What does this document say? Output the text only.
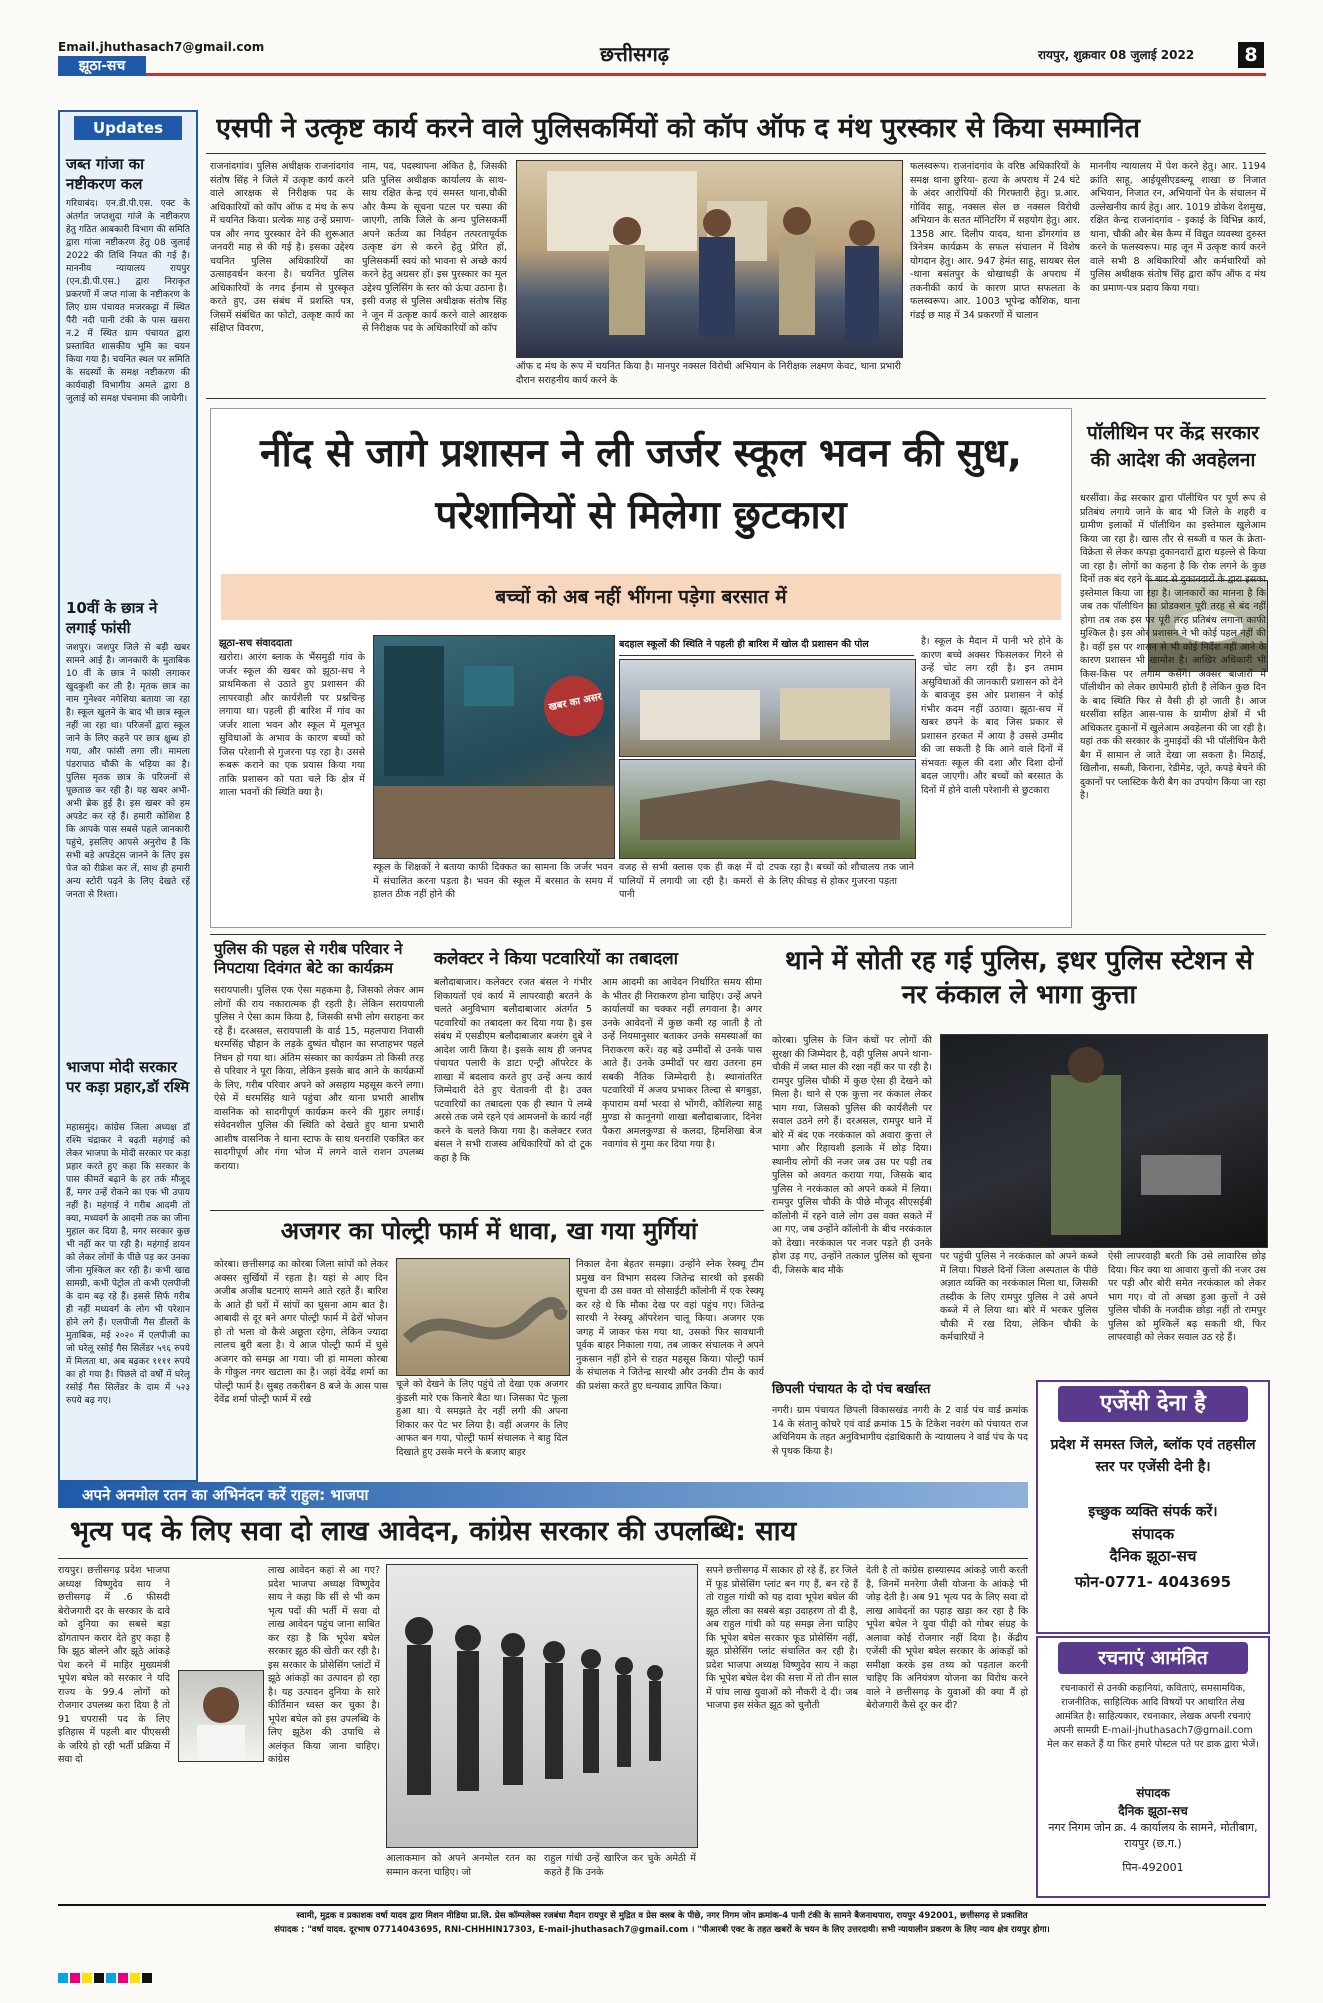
Email.jhuthasach7@gmail.com
झूठा-सच	छत्तीसगढ़	रायपुर, शुक्रवार 08 जुलाई 2022	8
Updates
जब्त गांजा का नष्टीकरण कल
गरियाबंद। एन.डी.पी.एस. एक्ट के अंतर्गत जप्तशुदा गांजे के नष्टीकरण हेतु गठित आबकारी विभाग की समिति द्वारा गांजा नष्टीकरण हेतु 08 जुलाई 2022 की तिथि नियत की गई है। माननीय न्यायालय रायपुर (एन.डी.पी.एस.) द्वारा निराकृत प्रकरणों में जप्त गांजा के नष्टीकरण के लिए ग्राम पंचायत मजरकट्टा में स्थित पैरी नदी पानी टंकी के पास खसरा न.2 में स्थित ग्राम पंचायत द्वारा प्रस्तावित शासकीय भूमि का चयन किया गया है। चयनित स्थल पर समिति के सदस्यों के समक्ष नष्टीकरण की कार्यवाही विभागीय अमले द्वारा 8 जुलाई को समक्ष पंचनामा की जायेगी।
10वीं के छात्र ने लगाई फांसी
जशपुर। जशपुर जिले से बड़ी खबर सामने आई है। जानकारी के मुताबिक 10 वीं के छात्र ने फांसी लगाकर खुदकुशी कर ली है। मृतक छात्र का नाम गुनेश्वर नगेशिया बताया जा रहा है। स्कूल खुलने के बाद भी छात्र स्कूल नहीं जा रहा था। परिजनों द्वारा स्कूल जाने के लिए कहने पर छात्र क्षुब्ध हो गया, और फांसी लगा ली। मामला पंडरापाठ चौकी के भड़िया का है। पुलिस मृतक छात्र के परिजनों से पूछताछ कर रही है। यह खबर अभी-अभी ब्रेक हुई है। इस खबर को हम अपडेट कर रहे हैं। हमारी कोशिश है कि आपके पास सबसे पहले जानकारी पहुंचे, इसलिए आपसे अनुरोध है कि सभी बड़े अपडेट्स जानने के लिए इस पेज को रीफ्रेश कर लें, साथ ही हमारी अन्य स्टोरी पढ़ने के लिए देखते रहें जनता से रिश्ता।
भाजपा मोदी सरकार पर कड़ा प्रहार,डॉ रश्मि
महासमुंद। कांग्रेस जिला अध्यक्ष डॉ रश्मि चंद्राकर ने बढ़ती महंगाई को लेकर भाजपा के मोदी सरकार पर कड़ा प्रहार करते हुए कहा कि सरकार के पास कीमतें बढ़ाने के हर तर्क मौजूद हैं, मगर उन्हें रोकने का एक भी उपाय नहीं है। महंगाई ने गरीब आदमी तो क्या, मध्यवर्ग के आदमी तक का जीना मुहाल कर दिया है, मगर सरकार कुछ भी नहीं कर पा रही है। महंगाई डायन को लेकर लोगों के पीछे पड़ कर उनका जीना मुश्किल कर रही है। कभी खाद्य सामग्री, कभी पेट्रोल तो कभी एलपीजी के दाम बढ़ रहे हैं। इससे सिर्फ गरीब ही नहीं मध्यवर्ग के लोग भी परेशान होने लगे हैं। एलपीजी गैस डीलरों के मुताबिक, मई २०२० में एलपीजी का जो घरेलू रसोई गैस सिलेंडर ५९६ रुपये में मिलता था, अब बढ़कर ११११ रुपये का हो गया है। पिछले दो वर्षों में घरेलू रसोई गैस सिलेंडर के दाम में ५२३ रुपये बढ़ गए।
एसपी ने उत्कृष्ट कार्य करने वाले पुलिसकर्मियों को कॉप ऑफ द मंथ पुरस्कार से किया सम्मानित
राजनांदगांव। पुलिस अधीक्षक राजनांदगांव संतोष सिंह ने जिले में उत्कृष्ट कार्य करने वाले आरक्षक से निरीक्षक पद के अधिकारियों को कॉप ऑफ द मंथ के रूप में चयनित किया। प्रत्येक माह उन्हें प्रमाण-पत्र और नगद पुरस्कार देने की शुरूआत जनवरी माह से की गई है। इसका उद्देश्य चयनित पुलिस अधिकारियों का उत्साहवर्धन करना है। चयनित पुलिस अधिकारियों के नगद ईनाम से पुरस्कृत करते हुए, उस संबंध में प्रशस्ति पत्र, जिसमें संबंधित का फोटो, उत्कृष्ट कार्य का संक्षिप्त विवरण,
नाम, पद, पदस्थापना अंकित है, जिसकी प्रति पुलिस अधीक्षक कार्यालय के साथ-साथ रक्षित केन्द्र एवं समस्त थाना,चौकी और कैम्प के सूचना पटल पर चस्पा की जाएगी, ताकि जिले के अन्य पुलिसकर्मी अपने कर्तव्य का निर्वहन तत्परतापूर्वक उत्कृष्ट ढंग से करने हेतु प्रेरित हों, पुलिसकर्मी स्वयं को भावना से अच्छे कार्य करने हेतु अग्रसर हों। इस पुरस्कार का मूल उद्देश्य पुलिसिंग के स्तर को ऊंचा उठाना है। इसी वजह से पुलिस अधीक्षक संतोष सिंह ने जून में उत्कृष्ट कार्य करने वाले आरक्षक से निरीक्षक पद के अधिकारियों को कॉप
ऑफ द मंथ के रूप में चयनित किया है। मानपुर नक्सल विरोधी अभियान के निरीक्षक लक्ष्मण केवट, थाना प्रभारी दौरान सराहनीय कार्य करने के
फलस्वरूप। राजनांदगांव के वरिष्ठ अधिकारियों के समक्ष थाना छुरिया- हत्या के अपराध में 24 घंटे के अंदर आरोपियों की गिरफ्तारी हेतु। प्र.आर. गोविंद साहू, नक्सल सेल छ नक्सल विरोधी अभियान के सतत मॉनिटरिंग में सहयोग हेतु। आर. 1358 आर. दिलीप यादव, थाना डोंगरगांव छ त्रिनेत्रम कार्यक्रम के सफल संचालन में विशेष योगदान हेतु। आर. 947 हेमंत साहू, सायबर सेल -थाना बसंतपुर के धोखाधड़ी के अपराध में तकनीकी कार्य के कारण प्राप्त सफलता के फलस्वरूप। आर. 1003 भूपेन्द्र कौशिक, थाना गंडई छ माह में 34 प्रकरणों में चालान
माननीय न्यायालय में पेश करने हेतु। आर. 1194 क्रांति साहू, आईयूसीएडब्ल्यू शाखा छ निजात अभियान, निजात रन, अभियानों पेन के संचालन में उल्लेखनीय कार्य हेतु। आर. 1019 डोकेश देशमुख, रक्षित केन्द्र राजनांदगांव - इकाई के विभिन्न कार्य, थाना, चौकी और बेस कैम्प में विद्युत व्यवस्था दुरुस्त करने के फलस्वरूप। माह जून में उत्कृष्ट कार्य करने वाले सभी 8 अधिकारियों और कर्मचारियों को पुलिस अधीक्षक संतोष सिंह द्वारा कॉप ऑफ द मंथ का प्रमाण-पत्र प्रदाय किया गया।
नींद से जागे प्रशासन ने ली जर्जर स्कूल भवन की सुध, परेशानियों से मिलेगा छुटकारा
बच्चों को अब नहीं भींगना पड़ेगा बरसात में
झूठा-सच संवाददाता
खरोरा। आरंग ब्लाक के भैंसमुड़ी गांव के जर्जर स्कूल की खबर को झूठा-सच ने प्राथमिकता से उठाते हुए प्रशासन की लापरवाही और कार्यशैली पर प्रश्नचिन्ह लगाया था। पहली ही बारिश में गांव का जर्जर शाला भवन और स्कूल में मूलभूत सुविधाओं के अभाव के कारण बच्चों को जिस परेशानी से गुजरना पड़ रहा है। उससे रूबरू कराने का एक प्रयास किया गया ताकि प्रशासन को पता चले कि क्षेत्र में शाला भवनों की स्थिति क्या है।
खबर का असर
बदहाल स्कूलों की स्थिति ने पहली ही बारिश में खोल दी प्रशासन की पोल
स्कूल के शिक्षकों ने बताया काफी दिक्कत का सामना कि जर्जर भवन में संचालित करना पड़ता है। भवन की स्कूल में बरसात के समय में हालत ठीक नहीं होने की
वजह से सभी क्लास एक ही कक्ष में दो पालियों में लगायी जा रही है। कमरों से पानी
टपक रहा है। बच्चों को शौचालय तक जाने के लिए कीचड़ से होकर गुजरना पड़ता
है। स्कूल के मैदान में पानी भरे होने के कारण बच्चे अक्सर फिसलकर गिरने से उन्हें चोट लग रही है। इन तमाम असुविधाओं की जानकारी प्रशासन को देने के बावजूद इस ओर प्रशासन ने कोई गंभीर कदम नहीं उठाया। झूठा-सच में खबर छपने के बाद जिस प्रकार से प्रशासन हरकत में आया है उससे उम्मीद की जा सकती है कि आने वाले दिनों में संभवतः स्कूल की दशा और दिशा दोनों बदल जाएगी। और बच्चों को बरसात के दिनों में होने वाली परेशानी से छुटकारा
पॉलीथिन पर केंद्र सरकार की आदेश की अवहेलना
धरसींवा। केंद्र सरकार द्वारा पॉलीथिन पर पूर्ण रूप से प्रतिबंध लगाये जाने के बाद भी जिले के शहरी व ग्रामीण इलाकों में पॉलीथिन का इस्तेमाल खुलेआम किया जा रहा है। खास तौर से सब्जी व फल के क्रेता-विक्रेता से लेकर कपड़ा दुकानदारों द्वारा धड़ल्ले से किया जा रहा है। लोगों का कहना है कि रोक लगने के कुछ दिनों तक बंद रहने के बाद से दुकानदारों के द्वारा इसका इस्तेमाल किया जा रहा है। जानकारों का मानना है कि जब तक पॉलीथिन का प्रोडक्शन पूरी तरह से बंद नहीं होगा तब तक इस पर पूरी तरह प्रतिबंध लगाना काफी मुश्किल है। इस ओर प्रशासन ने भी कोई पहल नहीं की है। वहीं इस पर शासन से भी कोई निर्देश नहीं आने के कारण प्रशासन भी खामोश है। आखिर अधिकारी भी किस-किस पर लगाम कसेंगे। अक्सर बाजारों में पॉलीथीन को लेकर छापेमारी होती है लेकिन कुछ दिन के बाद स्थिति फिर से वैसी ही हो जाती है। आज धरसींवा सहित आस-पास के ग्रामीण क्षेत्रों में भी अधिकतर दुकानों में खुलेआम अवहेलना की जा रही है। यहां तक की सरकार के नुमाइंदों की भी पॉलीथिन कैरी बैग में सामान ले जाते देखा जा सकता है। मिठाई, खिलौना, सब्जी, किराना, रेडीमेड, जूते, कपड़े बेचने की दुकानों पर प्लास्टिक कैरी बैग का उपयोग किया जा रहा है।
पुलिस की पहल से गरीब परिवार ने निपटाया दिवंगत बेटे का कार्यक्रम
सरायपाली। पुलिस एक ऐसा महकमा है, जिसको लेकर आम लोगों की राय नकारात्मक ही रहती है। लेकिन सरायपाली पुलिस ने ऐसा काम किया है, जिसकी सभी लोग सराहना कर रहे हैं। दरअसल, सरायपाली के वार्ड 15, महलपारा निवासी धरमसिंह चौहान के लड़के दुष्यंत चौहान का सप्ताहभर पहले निधन हो गया था। अंतिम संस्कार का कार्यक्रम तो किसी तरह से परिवार ने पूरा किया, लेकिन इसके बाद आने के कार्यक्रमों के लिए, गरीब परिवार अपने को असहाय महसूस करने लगा। ऐसे में धरमसिंह थाने पहुंचा और थाना प्रभारी आशीष वासनिक को सादगीपूर्ण कार्यक्रम करने की गुहार लगाई। संवेदनशील पुलिस की स्थिति को देखते हुए थाना प्रभारी आशीष वासनिक ने थाना स्टाफ के साथ धनराशि एकत्रित कर सादगीपूर्ण और गंगा भोज में लगने वाले राशन उपलब्ध कराया।
कलेक्टर ने किया पटवारियों का तबादला
बलौदाबाजार। कलेक्टर रजत बंसल ने गंभीर शिकायतों एवं कार्य में लापरवाही बरतने के चलते अनुविभाग बलौदाबाजार अंतर्गत 5 पटवारियों का तबादला कर दिया गया है। इस संबंध में एसडीएम बलौदाबाजार बजरंग दुबे ने आदेश जारी किया है। इसके साथ ही जनपद पंचायत पलारी के डाटा एन्ट्री ऑपरेटर के शाखा में बदलाव करते हुए उन्हें अन्य कार्य जिम्मेदारी देते हुए चेतावनी दी है। उक्त पटवारियों का तबादला एक ही स्थान पे लम्बे अरसे तक जमे रहने एवं आमजनों के कार्य नहीं करने के चलते किया गया है। कलेक्टर रजत बंसल ने सभी राजस्व अधिकारियों को दो टूक कहा है कि
आम आदमी का आवेदन निर्धारित समय सीमा के भीतर ही निराकरण होना चाहिए। उन्हें अपने कार्यालयों का चक्कर नहीं लगवाना है। अगर उनके आवेदनों में कुछ कमी रह जाती है तो उन्हें नियमानुसार बताकर उनके समस्याओं का निराकरण करें। वह बड़े उम्मीदों से उनके पास आते हैं। उनके उम्मीदों पर खरा उतरना हम सबकी नैतिक जिम्मेदारी है। स्थानांतरित पटवारियों में अजय प्रभाकर तिल्दा से बगबुड़ा, कृपाराम वर्मा भरदा से भोंगरी, कौशिल्या साहू मुण्डा से कानूनगो शाखा बलौदाबाजार, दिनेश पैकरा अमलकुण्डा से कलदा, हिमशिखा बेज नवागांव से गुमा कर दिया गया है।
थाने में सोती रह गई पुलिस, इधर पुलिस स्टेशन से नर कंकाल ले भागा कुत्ता
कोरबा। पुलिस के जिन कंधों पर लोगों की सुरक्षा की जिम्मेदार है, वही पुलिस अपने थाना-चौकी में जब्त माल की रक्षा नहीं कर पा रही है। रामपुर पुलिस चौकी में कुछ ऐसा ही देखने को मिला है। थाने से एक कुत्ता नर कंकाल लेकर भाग गया, जिसको पुलिस की कार्यशैली पर सवाल उठने लगे हैं। दरअसल, रामपुर थाने में बोरे में बंद एक नरकंकाल को अवारा कुत्ता ले भागा और रिहायशी इलाके में छोड़ दिया। स्थानीय लोगों की नजर जब उस पर पड़ी तब पुलिस को अवगत कराया गया, जिसके बाद पुलिस ने नरकंकाल को अपने कब्जे में लिया। रामपुर पुलिस चौकी के पीछे मौजूद सीएसईबी कॉलोनी में रहने वाले लोग उस वक्त सकते में आ गए, जब उन्होंने कॉलोनी के बीच नरकंकाल को देखा। नरकंकाल पर नजर पड़ते ही उनके होश उड़ गए, उन्होंने तत्काल पुलिस को सूचना दी, जिसके बाद मौके
पर पहुंची पुलिस ने नरकंकाल को अपने कब्जे में लिया। पिछले दिनों जिला अस्पताल के पीछे अज्ञात व्यक्ति का नरकंकाल मिला था, जिसकी तस्दीक के लिए रामपुर पुलिस ने उसे अपने कब्जे में ले लिया था। बोरे में भरकर पुलिस चौकी में रख दिया, लेकिन चौकी के कर्मचारियों ने
ऐसी लापरवाही बरती कि उसे लावारिस छोड़ दिया। फिर क्या था आवारा कुत्तों की नजर उस पर पड़ी और बोरी समेत नरकंकाल को लेकर भाग गए। वो तो अच्छा हुआ कुत्तों ने उसे पुलिस चौकी के नजदीक छोड़ा नहीं तो रामपुर पुलिस को मुश्किलें बढ़ सकती थी, फिर लापरवाही को लेकर सवाल उठ रहे हैं।
अजगर का पोल्ट्री फार्म में धावा, खा गया मुर्गियां
कोरबा। छत्तीसगढ़ का कोरबा जिला सांपों को लेकर अक्सर सुर्खियों में रहता है। यहां से आए दिन अजीब अजीब घटनाएं सामने आते रहते हैं। बारिश के आते ही घरों में सांपों का घुसना आम बात है। आबादी से दूर बने अगर पोल्ट्री फार्म में ढेरों भोजन हो तो भला वो कैसे अछूता रहेगा, लेकिन ज्यादा लालच बुरी बला है। ये आज पोल्ट्री फार्म में घुसे अजगर को समझ आ गया। जी हां मामला कोरबा के गोकुल नगर खटाला का है। जहां देवेंद्र शर्मा का पोल्ट्री फार्म है। सुबह तकरीबन 8 बजे के आस पास देवेंद्र शर्मा पोल्ट्री फार्म में रखे
चूजे को देखने के लिए पहुंचे तो देखा एक अजगर कुंडली मारे एक किनारे बैठा था। जिसका पेट फूला हुआ था। ये समझते देर नहीं लगी की अपना शिकार कर पेट भर लिया है। वहीं अजगर के लिए आफत बन गया, पोल्ट्री फार्म संचालक ने बाहु दिल दिखाते हुए उसके मरने के बजाए बाहर
निकाल देना बेहतर समझा। उन्होंने स्नेक रेस्क्यू टीम प्रमुख वन विभाग सदस्य जितेन्द्र सारथी को इसकी सूचना दी उस वक्त वो सोसाईटी कॉलोनी में एक रेस्क्यू कर रहे थे कि मौका देख पर वहां पहुंच गए। जितेन्द्र सारथी ने रेस्क्यू ऑपरेशन चालू किया। अजगर एक जगह में जाकर फंस गया था, उसको फिर सावधानी पूर्वक बाहर निकाला गया, तब जाकर संचालक ने अपने नुकसान नहीं होने से राहत महसूस किया। पोल्ट्री फार्म के संचालक ने जितेन्द्र सारथी और उनकी टीम के कार्य की प्रशंसा करते हुए धन्यवाद ज्ञापित किया।	छिपली पंचायत के दो पंच बर्खास्त
नगरी। ग्राम पंचायत छिपली विकासखंड नगरी के 2 वार्ड पंच वार्ड क्रमांक 14 के संतानु कोचरे एवं वार्ड क्रमांक 15 के टिकेश नवरंग को पंचायत राज अधिनियम के तहत अनुविभागीय दंडाधिकारी के न्यायालय ने वार्ड पंच के पद से पृथक किया है।
एजेंसी देना है
प्रदेश में समस्त जिले, ब्लॉक एवं तहसील स्तर पर एजेंसी देनी है।
इच्छुक व्यक्ति संपर्क करें।
संपादक
दैनिक झूठा-सच
फोन-0771- 4043695
रचनाएं आमंत्रित
रचनाकारों से उनकी कहानियां, कविताएं, समसामयिक, राजनीतिक, साहित्यिक आदि विषयों पर आधारित लेख आमंत्रित है। साहित्यकार, रचनाकार, लेखक अपनी रचनाएं अपनी सामग्री E-mail-jhuthasach7@gmail.com मेल कर सकते हैं या फिर हमारे पोस्टल पते पर डाक द्वारा भेजें।
संपादक
दैनिक झूठा-सच
नगर निगम जोन क्र. 4 कार्यालय के सामने, मोतीबाग, रायपुर (छ.ग.)
पिन-492001
अपने अनमोल रतन का अभिनंदन करें राहुल: भाजपा
भृत्य पद के लिए सवा दो लाख आवेदन, कांग्रेस सरकार की उपलब्धि: साय
रायपुर। छत्तीसगढ़ प्रदेश भाजपा अध्यक्ष विष्णुदेव साय ने छत्तीसगढ़ में .6 फीसदी बेरोजगारी दर के सरकार के दावे को दुनिया का सबसे बड़ा ढोंगतापन करार देते हुए कहा है कि झूठ बोलने और झूठे आंकड़े पेश करने में माहिर मुख्यमंत्री भूपेश बघेल को सरकार ने यदि राज्य के 99.4 लोगों को रोजगार उपलब्ध करा दिया है तो 91 चपरासी पद के लिए इतिहास में पहली बार पीएससी के जरिये हो रही भर्ती प्रक्रिया में सवा दो
लाख आवेदन कहां से आ गए? प्रदेश भाजपा अध्यक्ष विष्णुदेव साय ने कहा कि सीं से भी कम भृत्य पदों की भर्ती में सवा दो लाख आवेदन पहुंच जाना साबित कर रहा है कि भूपेश बघेल सरकार झूठ की खेती कर रही है। इस सरकार के प्रोसेसिंग प्लांटों में झूठे आंकड़ों का उत्पादन हो रहा है। यह उत्पादन दुनिया के सारे कीर्तिमान ध्वस्त कर चुका है। भूपेश बघेल को इस उपलब्धि के लिए झूठेश की उपाधि से अलंकृत किया जाना चाहिए। कांग्रेस
आलाकमान को अपने अनमोल रतन का सम्मान करना चाहिए। जो
राहुल गांधी उन्हें खारिज कर चुके अमेठी में कहते हैं कि उनके
सपने छत्तीसगढ़ में साकार हो रहे हैं, हर जिले में फूड प्रोसेसिंग प्लांट बन गए हैं, बन रहे हैं तो राहुल गांधी को यह दावा भूपेश बघेल की झूठ लीला का सबसे बड़ा उदाहरण तो दी है, अब राहुल गांधी को यह समझ लेना चाहिए कि भूपेश बघेल सरकार फूड प्रोसेसिंग नहीं, झूठ प्रोसेसिंग प्लांट संचालित कर रही है। प्रदेश भाजपा अध्यक्ष विष्णुदेव साय ने कहा कि भूपेश बघेल देश की सत्ता में तो तीन साल में पांच लाख युवाओं को नौकरी दे दी। जब भाजपा इस संकेत झूठ को चुनौती
देती है तो कांग्रेस हास्यास्पद आंकड़े जारी करती है, जिनमें मनरेगा जैसी योजना के आंकड़े भी जोड़ देती है। अब 91 भृत्य पद के लिए सवा दो लाख आवेदनों का पहाड़ खड़ा कर रहा है कि भूपेश बघेल ने युवा पीढ़ी को गोबर संग्रह के अलावा कोई रोजगार नहीं दिया है। केंद्रीय एजेंसी की भूपेश बघेल सरकार के आंकड़ों को समीक्षा करके इस तथ्य को पड़ताल करनी चाहिए कि अनियंत्रण योजना का विरोध करने वाले ने छत्तीसगढ़ के युवाओं की क्या मैं हो बेरोजगारी कैसे दूर कर दी?
स्वामी, मुद्रक व प्रकाशक वर्षा यादव द्वारा मिशन मीडिया प्रा.लि. प्रेस कॉम्पलेक्स रजबंधा मैदान रायपुर से मुद्रित व प्रेस क्लब के पीछे, नगर निगम जोन क्रमांक-4 पानी टंकी के सामने बैजनाथपारा, रायपुर 492001, छत्तीसगढ़ से प्रकाशित
संपादक : "वर्षा यादव. दूरभाष 07714043695, RNI-CHHHIN17303, E-mail-jhuthasach7@gmail.com । "पीआरबी एक्ट के तहत खबरों के चयन के लिए उत्तरदायी। सभी न्यायालीन प्रकरण के लिए न्याय क्षेत्र रायपुर होगा।
